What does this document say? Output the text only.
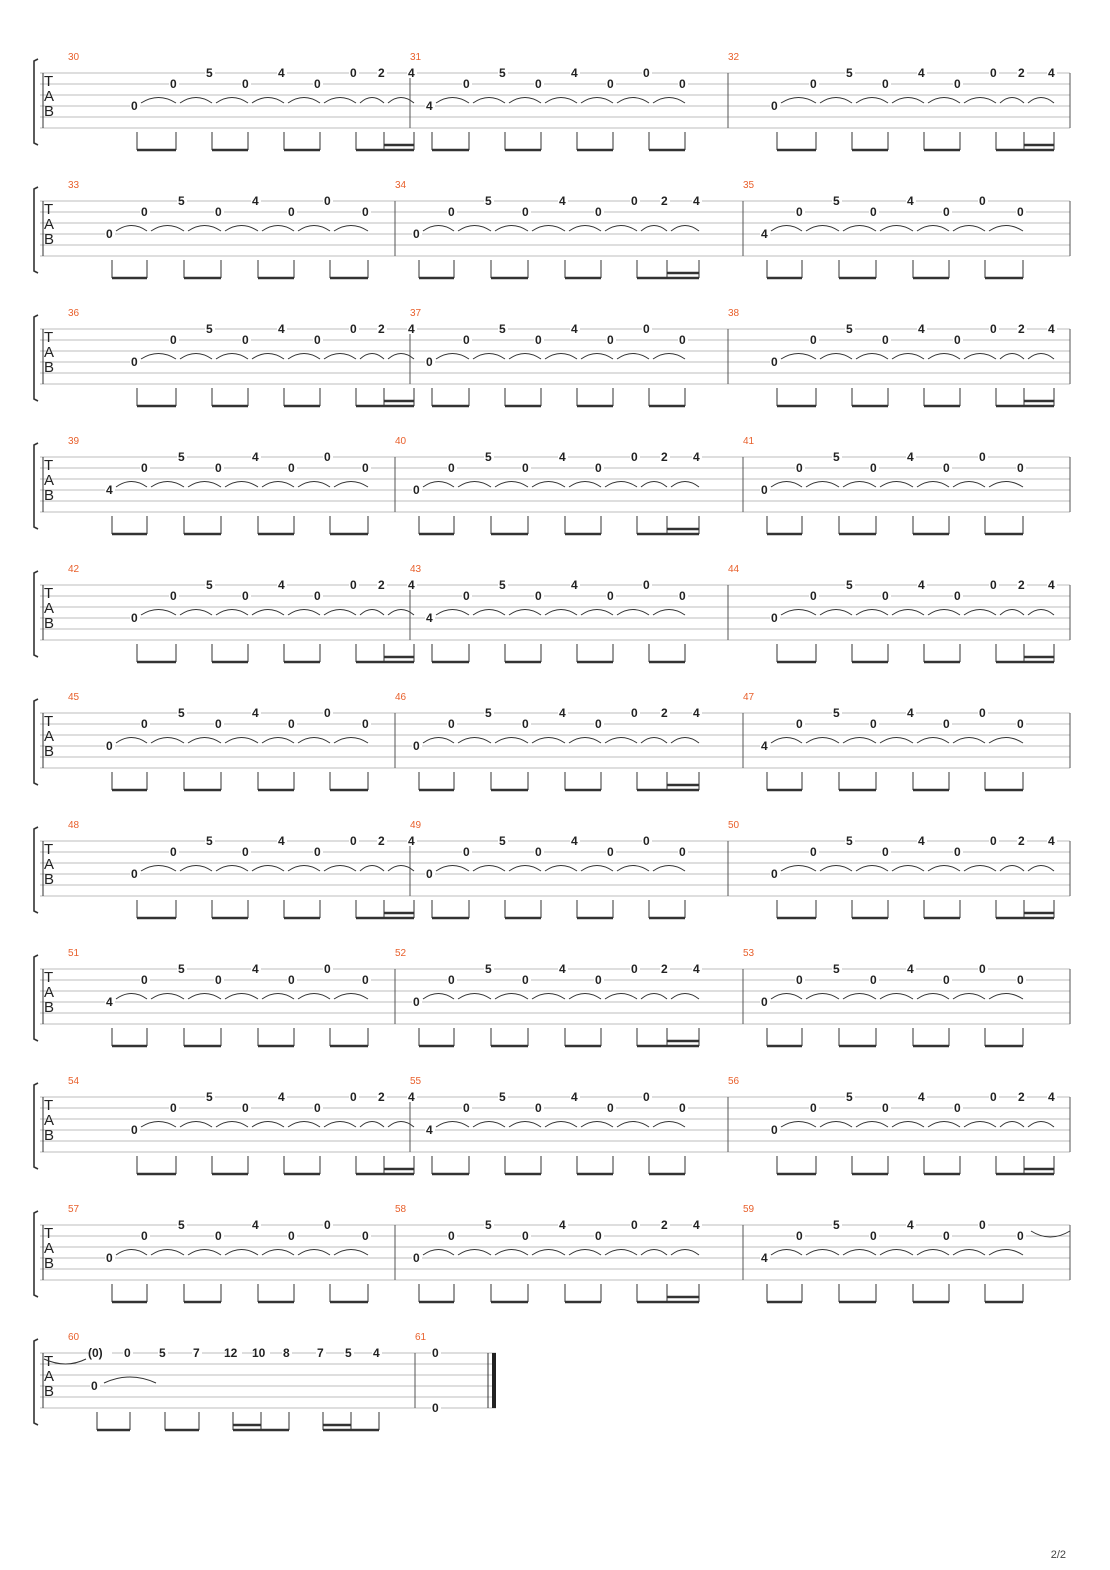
T
A
B
30
0
0
5
0
4
0
0 2 4
31
4
0
5
0
4
0
0
0
32
0
0
5
0
4
0
0 2 4
T
A
B
33
0
0
5
0
4
0
0
0
34
0
0
5
0
4
0
0 2 4
35
4
0
5
0
4
0
0
0
T
A
B
36
0
0
5
0
4
0
0 2 4
37
0
0
5
0
4
0
0
0
38
0
0
5
0
4
0
0 2 4
T
A
B
39
4
0
5
0
4
0
0
0
40
0
0
5
0
4
0
0 2 4
41
0
0
5
0
4
0
0
0
T
A
B
42
0
0
5
0
4
0
0 2 4
43
4
0
5
0
4
0
0
0
44
0
0
5
0
4
0
0 2 4
T
A
B
45
0
0
5
0
4
0
0
0
46
0
0
5
0
4
0
0 2 4
47
4
0
5
0
4
0
0
0
T
A
B
48
0
0
5
0
4
0
0 2 4
49
0
0
5
0
4
0
0
0
50
0
0
5
0
4
0
0 2 4
T
A
B
51
4
0
5
0
4
0
0
0
52
0
0
5
0
4
0
0 2 4
53
0
0
5
0
4
0
0
0
T
A
B
54
0
0
5
0
4
0
0 2 4
55
4
0
5
0
4
0
0
0
56
0
0
5
0
4
0
0 2 4
T
A
B
57
0
0
5
0
4
0
0
0
58
0
0
5
0
4
0
0 2 4
59
4
0
5
0
4
0
0
0
T
A
B
60
(0)
0
0 5 7 12 10 8 7 5 4
61
0
0
2/2
